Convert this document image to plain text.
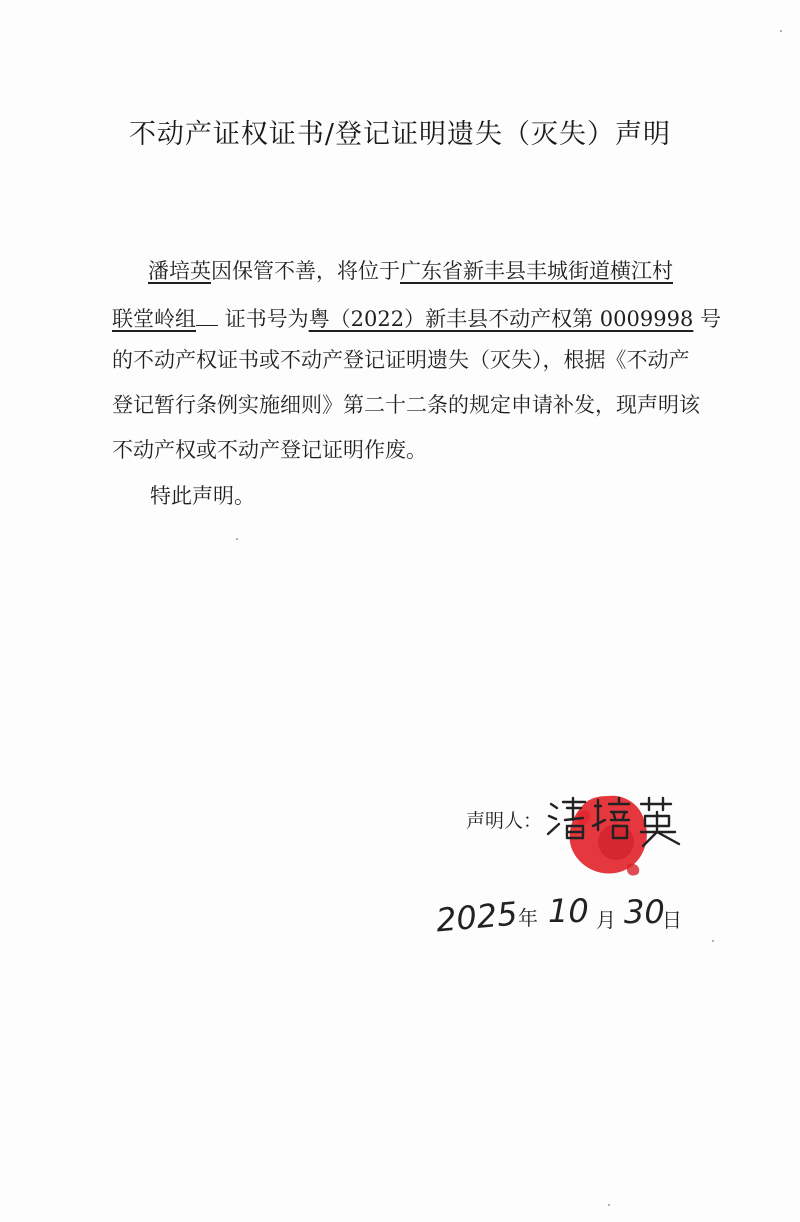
不动产证权证书/登记证明遗失（灭失）声明
潘培英因保管不善，将位于广东省新丰县丰城街道横江村
联堂岭组 证书号为粤（2022）新丰县不动产权第 0009998 号
的不动产权证书或不动产登记证明遗失（灭失），根据《不动产
登记暂行条例实施细则》第二十二条的规定申请补发，现声明该
不动产权或不动产登记证明作废。
特此声明。
声明人：
2025 年 10 月 30
日
